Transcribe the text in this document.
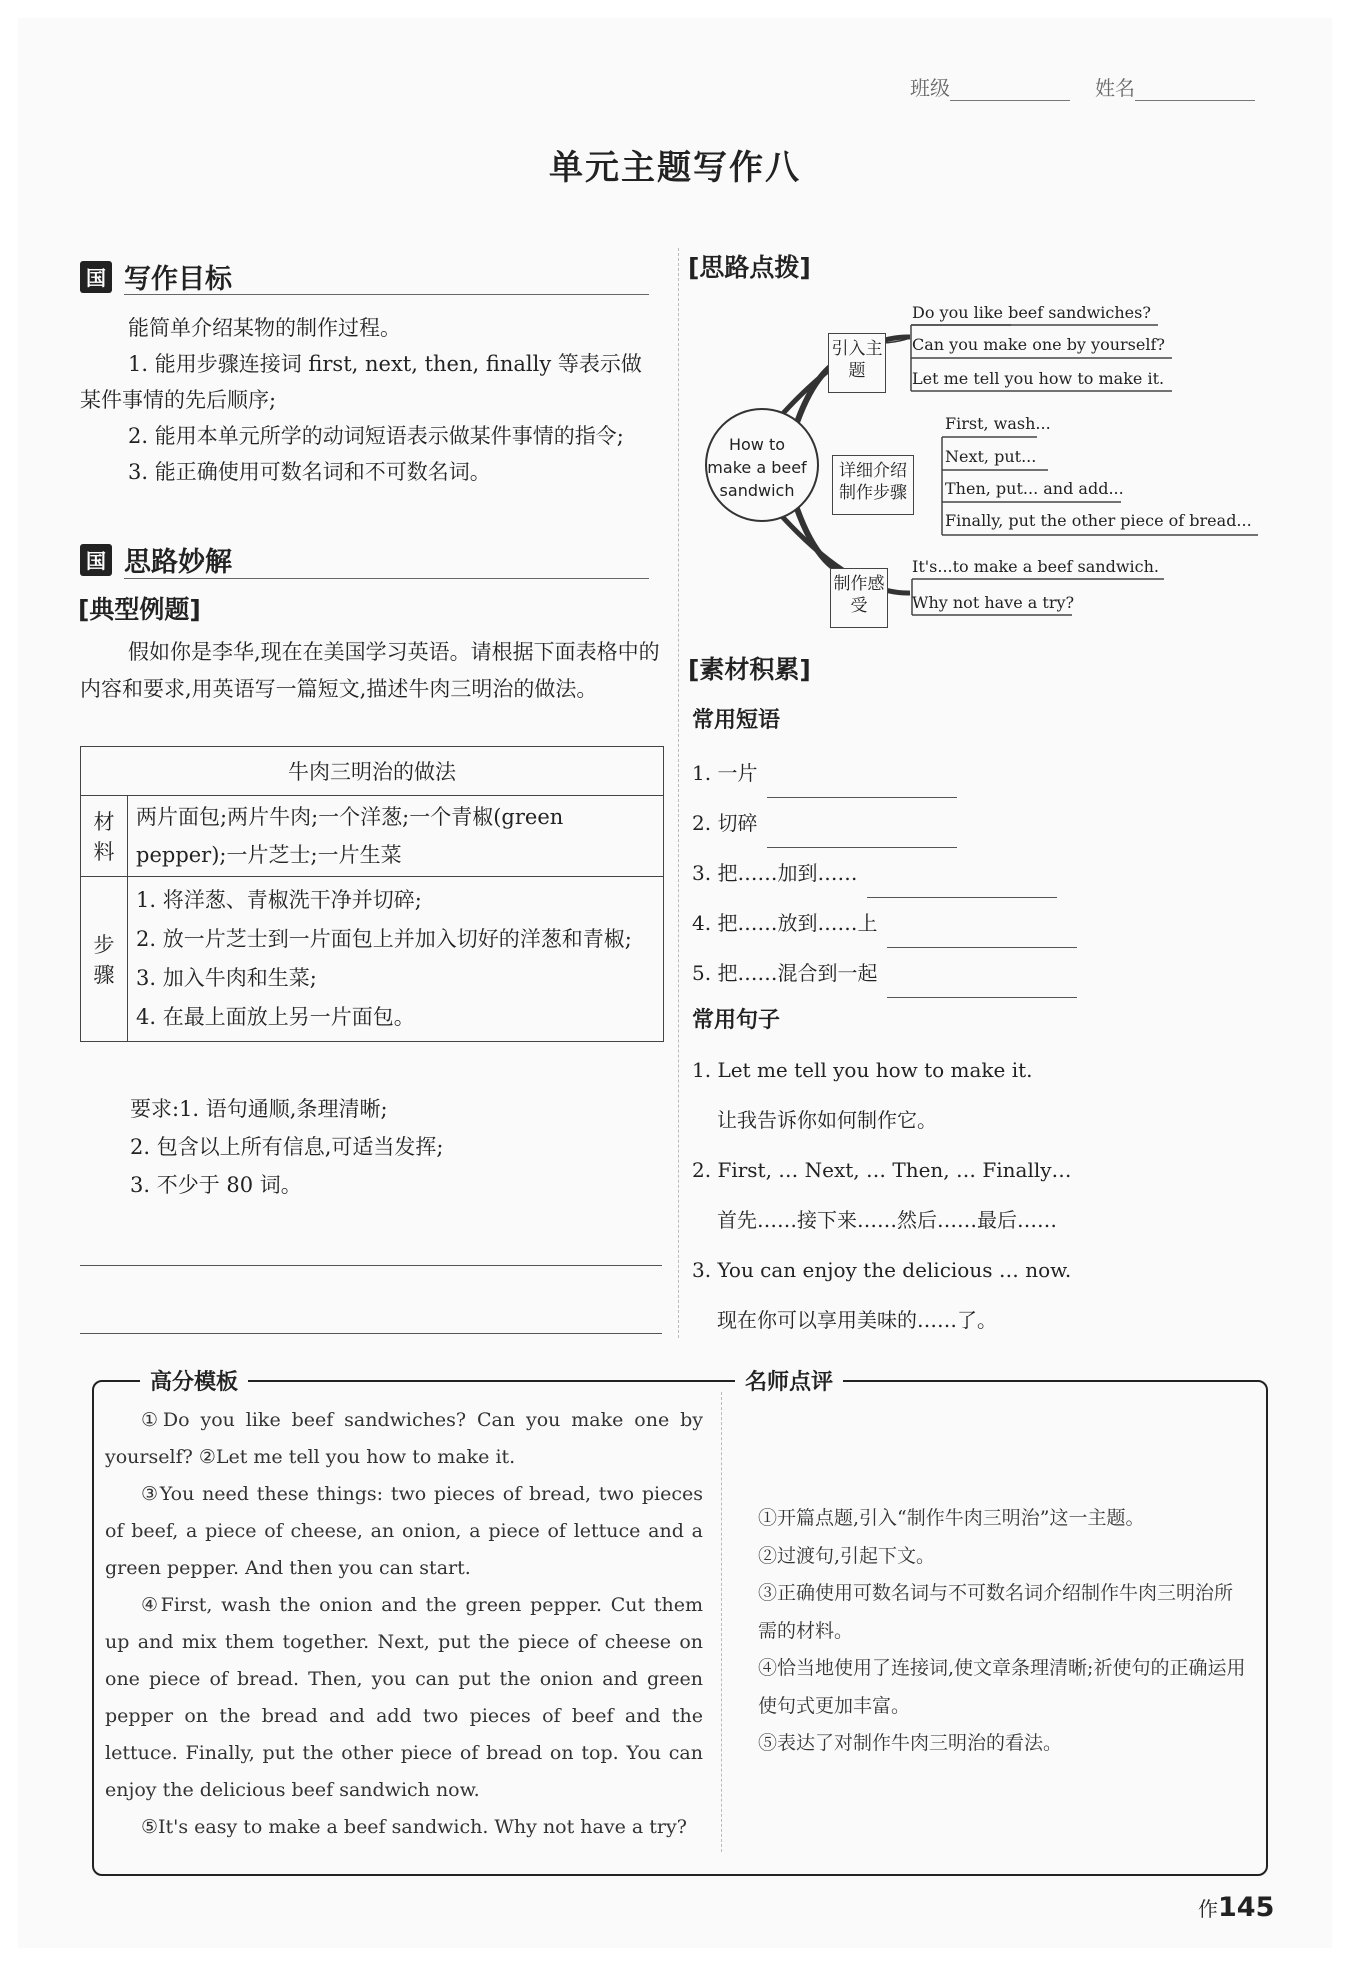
班级	姓名
单元主题写作八
国 写作目标
能简单介绍某物的制作过程。
1. 能用步骤连接词 first, next, then, finally 等表示做某件事情的先后顺序;
2. 能用本单元所学的动词短语表示做某件事情的指令;
3. 能正确使用可数名词和不可数名词。
国 思路妙解
[典型例题]
假如你是李华,现在在美国学习英语。请根据下面表格中的内容和要求,用英语写一篇短文,描述牛肉三明治的做法。
牛肉三明治的做法	
材料	两片面包;两片牛肉;一个洋葱;一个青椒(green pepper);一片芝士;一片生菜
步骤	1. 将洋葱、青椒洗干净并切碎;
2. 放一片芝士到一片面包上并加入切好的洋葱和青椒;
3. 加入牛肉和生菜;
4. 在最上面放上另一片面包。
要求:1. 语句通顺,条理清晰;
2. 包含以上所有信息,可适当发挥;
3. 不少于 80 词。
[思路点拨]
How to make a beef sandwich
引入主题
详细介绍制作步骤
制作感受
Do you like beef sandwiches?
Can you make one by yourself?
Let me tell you how to make it.
First, wash...
Next, put...
Then, put... and add...
Finally, put the other piece of bread...
It's...to make a beef sandwich.
Why not have a try?
[素材积累]
常用短语
1. 一片
2. 切碎
3. 把……加到……
4. 把……放到……上
5. 把……混合到一起
常用句子
1. Let me tell you how to make it.
让我告诉你如何制作它。
2. First, … Next, … Then, … Finally…
首先……接下来……然后……最后……
3. You can enjoy the delicious … now.
现在你可以享用美味的……了。
高分模板	名师点评

①Do you like beef sandwiches? Can you make one by yourself? ②Let me tell you how to make it.

③You need these things: two pieces of bread, two pieces of beef, a piece of cheese, an onion, a piece of lettuce and a green pepper. And then you can start.

④First, wash the onion and the green pepper. Cut them up and mix them together. Next, put the piece of cheese on one piece of bread. Then, you can put the onion and green pepper on the bread and add two pieces of beef and the lettuce. Finally, put the other piece of bread on top. You can enjoy the delicious beef sandwich now.

⑤It's easy to make a beef sandwich. Why not have a try?

①开篇点题,引入“制作牛肉三明治”这一主题。
②过渡句,引起下文。
③正确使用可数名词与不可数名词介绍制作牛肉三明治所需的材料。
④恰当地使用了连接词,使文章条理清晰;祈使句的正确运用使句式更加丰富。
⑤表达了对制作牛肉三明治的看法。
作145
